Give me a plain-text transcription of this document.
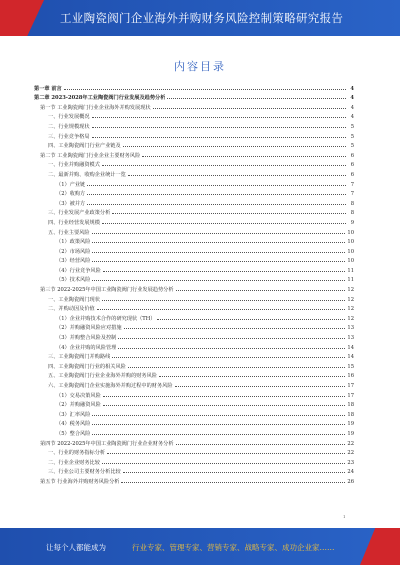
工业陶瓷阀门企业海外并购财务风险控制策略研究报告
内容目录
第一章 前言	4
第二章 2023-2028年工业陶瓷阀门行业发展及趋势分析	4
第一节 工业陶瓷阀门行业企业海外并购发展现状	4
一、行业发展概况	4
二、行业规模现状	5
三、行业竞争格局	5
四、工业陶瓷阀门行业产业链及	5
第二节 工业陶瓷阀门行业企业主要财务风险	6
一、行业并购融资模式	6
二、最新并购、收购企业统计一览	6
（1）产业链	7
（2）收购方	7
（3）被并方	8
三、行业发展产业政策分析	8
四、行业经营发展规模	9
五、行业主要风险	10
（1）政策风险	10
（2）市场风险	10
（3）经营风险	10
（4）行业竞争风险	11
（5）技术风险	11
第三节 2022-2025年中国工业陶瓷阀门行业发展趋势分析	12
一、工业陶瓷阀门现状	12
二、并购动因及价值	12
（1）企业并购技术合作的研究现状（TH）	12
（2）并购融资风险应对措施	13
（3）并购整合风险及控制	13
（4）企业并购的风险管理	14
三、工业陶瓷阀门并购路线	14
四、工业陶瓷阀门行业的相关风险	15
五、工业陶瓷阀门行业企业海外并购的财务风险	16
六、工业陶瓷阀门企业实施海外并购过程中的财务风险	17
（1）交易决策风险	17
（2）并购融资风险	18
（3）汇率风险	18
（4）税务风险	19
（5）整合风险	19
第四节 2022-2025年中国工业陶瓷阀门行业企业财务分析	22
一、行业的财务指标分析	22
二、行业企业财务比较	23
三、行业公司主要财务分析比较	24
第五节 行业海外并购财务风险分析	26
1
让每个人都能成为	行业专家、管理专家、营销专家、战略专家、成功企业家……
